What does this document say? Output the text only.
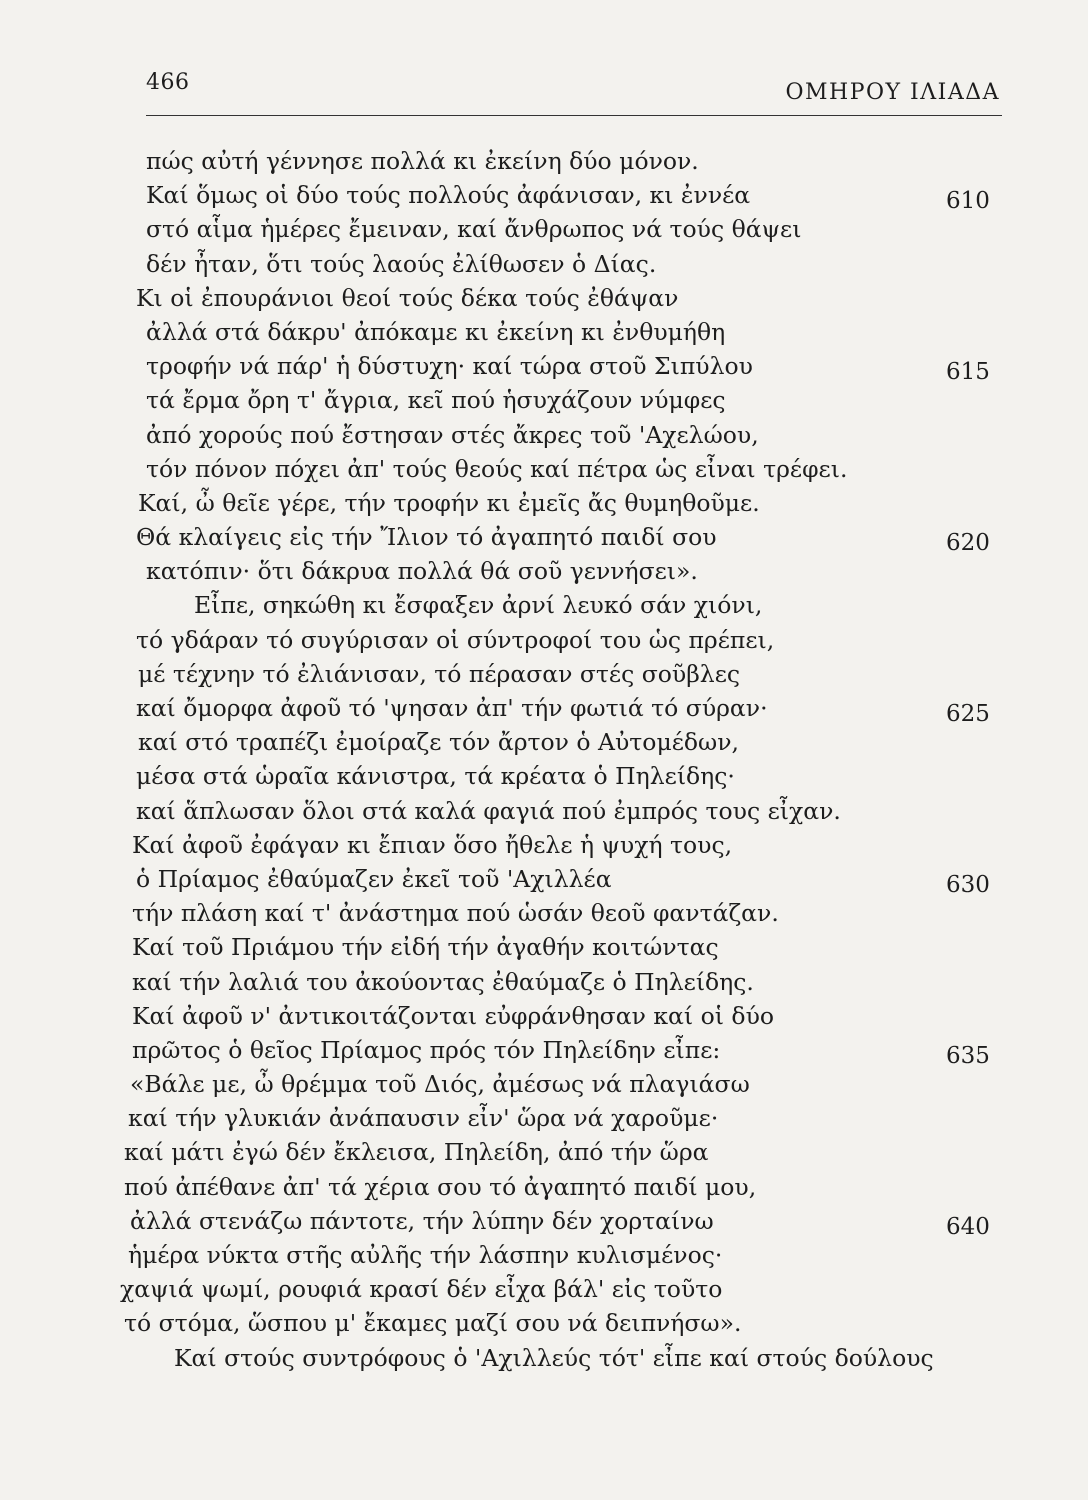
466	ΟΜΗΡΟΥ ΙΛΙΑΔΑ
πώς αὐτή γέννησε πολλά κι ἐκείνη δύο μόνον.
Καί ὅμως οἱ δύο τούς πολλούς ἀφάνισαν, κι ἐννέα	610
στό αἷμα ἡμέρες ἔμειναν, καί ἄνθρωπος νά τούς θάψει
δέν ἦταν, ὅτι τούς λαούς ἐλίθωσεν ὁ Δίας.
Κι οἱ ἐπουράνιοι θεοί τούς δέκα τούς ἐθάψαν
ἀλλά στά δάκρυ' ἀπόκαμε κι ἐκείνη κι ἐνθυμήθη
τροφήν νά πάρ' ἡ δύστυχη· καί τώρα στοῦ Σιπύλου	615
τά ἔρμα ὄρη τ' ἄγρια, κεῖ πού ἡσυχάζουν νύμφες
ἀπό χορούς πού ἔστησαν στές ἄκρες τοῦ 'Αχελώου,
τόν πόνον πόχει ἀπ' τούς θεούς καί πέτρα ὡς εἶναι τρέφει.
Καί, ὦ θεῖε γέρε, τήν τροφήν κι ἐμεῖς ἄς θυμηθοῦμε.
Θά κλαίγεις εἰς τήν Ἴλιον τό ἀγαπητό παιδί σου	620
κατόπιν· ὅτι δάκρυα πολλά θά σοῦ γεννήσει».
Εἶπε, σηκώθη κι ἔσφαξεν ἀρνί λευκό σάν χιόνι,
τό γδάραν τό συγύρισαν οἱ σύντροφοί του ὡς πρέπει,
μέ τέχνην τό ἐλιάνισαν, τό πέρασαν στές σοῦβλες
καί ὄμορφα ἀφοῦ τό 'ψησαν ἀπ' τήν φωτιά τό σύραν·	625
καί στό τραπέζι ἐμοίραζε τόν ἄρτον ὁ Αὐτομέδων,
μέσα στά ὡραῖα κάνιστρα, τά κρέατα ὁ Πηλείδης·
καί ἅπλωσαν ὅλοι στά καλά φαγιά πού ἐμπρός τους εἶχαν.
Καί ἀφοῦ ἐφάγαν κι ἔπιαν ὅσο ἤθελε ἡ ψυχή τους,
ὁ Πρίαμος ἐθαύμαζεν ἐκεῖ τοῦ 'Αχιλλέα	630
τήν πλάση καί τ' ἀνάστημα πού ὡσάν θεοῦ φαντάζαν.
Καί τοῦ Πριάμου τήν εἰδή τήν ἀγαθήν κοιτώντας
καί τήν λαλιά του ἀκούοντας ἐθαύμαζε ὁ Πηλείδης.
Καί ἀφοῦ ν' ἀντικοιτάζονται εὐφράνθησαν καί οἱ δύο
πρῶτος ὁ θεῖος Πρίαμος πρός τόν Πηλείδην εἶπε:	635
«Βάλε με, ὦ θρέμμα τοῦ Διός, ἀμέσως νά πλαγιάσω
καί τήν γλυκιάν ἀνάπαυσιν εἶν' ὥρα νά χαροῦμε·
καί μάτι ἐγώ δέν ἔκλεισα, Πηλείδη, ἀπό τήν ὥρα
πού ἀπέθανε ἀπ' τά χέρια σου τό ἀγαπητό παιδί μου,
ἀλλά στενάζω πάντοτε, τήν λύπην δέν χορταίνω	640
ἡμέρα νύκτα στῆς αὐλῆς τήν λάσπην κυλισμένος·
χαψιά ψωμί, ρουφιά κρασί δέν εἶχα βάλ' εἰς τοῦτο
τό στόμα, ὥσπου μ' ἔκαμες μαζί σου νά δειπνήσω».
Καί στούς συντρόφους ὁ 'Αχιλλεύς τότ' εἶπε καί στούς δούλους
